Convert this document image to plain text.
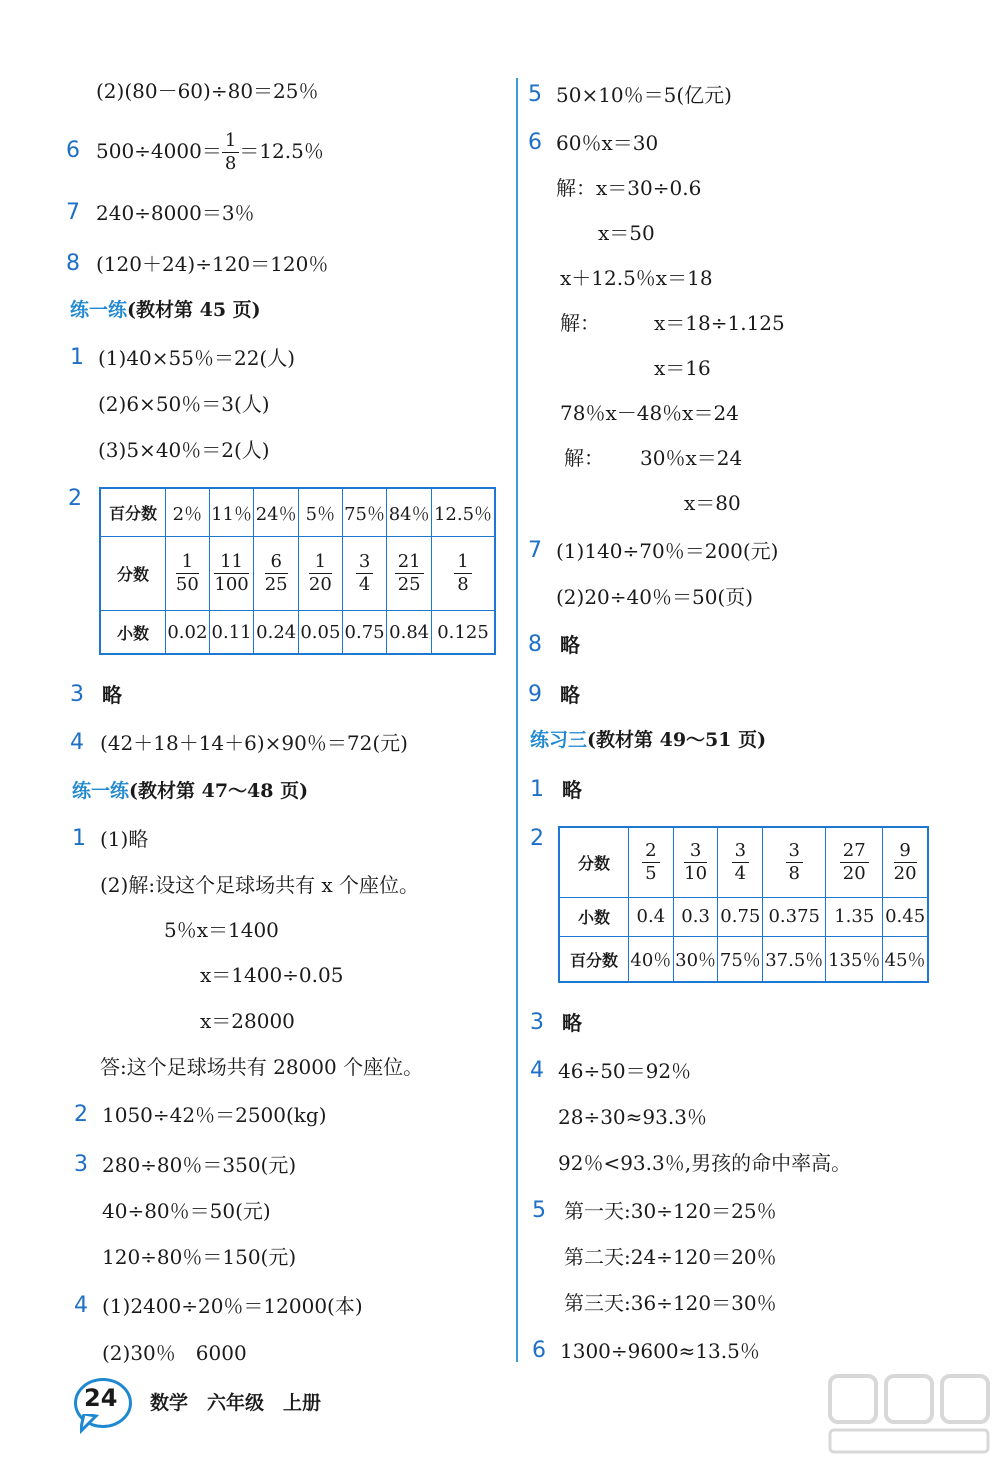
(2)(80－60)÷80＝25％
6 $500\div 4000= \frac{1}{8} =12.5$％
7 240÷8000＝3％
8 (120＋24)÷120＝120％
练一练(教材第 45 页)
1 (1)40×55％＝22(人)
(2)6×50％＝3(人)
(3)5×40％＝2(人)
2
百分数	2％	11％	24％	5％	75％	84％	12.5％
分数	$\frac{1}{50}$	$\frac{11}{100}$	$\frac{6}{25}$	$\frac{1}{20}$	$\frac{3}{4}$	$\frac{21}{25}$	$\frac{1}{8}$

小数	0.02	0.11	0.24	0.05	0.75	0.84	0.125
3 略
4 (42＋18＋14＋6)×90％＝72(元)
练一练(教材第 47～48 页)
1 (1)略
(2)解:设这个足球场共有 x 个座位。
5％x＝1400
x＝1400÷0.05
x＝28000
答:这个足球场共有 28000 个座位。
2 1050÷42％＝2500(kg)
3 280÷80％＝350(元)
40÷80％＝50(元)
120÷80％＝150(元)
4 (1)2400÷20％＝12000(本)
(2)30％　6000
5 50×10％＝5(亿元)
6 60％x＝30
解：x＝30÷0.6
x＝50
x＋12.5％x＝18
解：	x＝18÷1.125
x＝16
78％x－48％x＝24
解： 30％x＝24
x＝80
7 (1)140÷70％＝200(元)
(2)20÷40％＝50(页)
8 略
9 略
练习三(教材第 49～51 页)
1 略
2
分数	$\frac{2}{5}$	$\frac{3}{10}$	$\frac{3}{4}$	$\frac{3}{8}$	$\frac{27}{20}$	$\frac{9}{20}$

小数	0.4	0.3	0.75	0.375	1.35	0.45
百分数	40％	30％	75％	37.5％	135％	45％
3 略
4 46÷50＝92％
28÷30≈93.3％
92％<93.3％,男孩的命中率高。
5 第一天:30÷120＝25％
第二天:24÷120＝20％
第三天:36÷120＝30％
6 1300÷9600≈13.5％
24 数学　六年级　上册
